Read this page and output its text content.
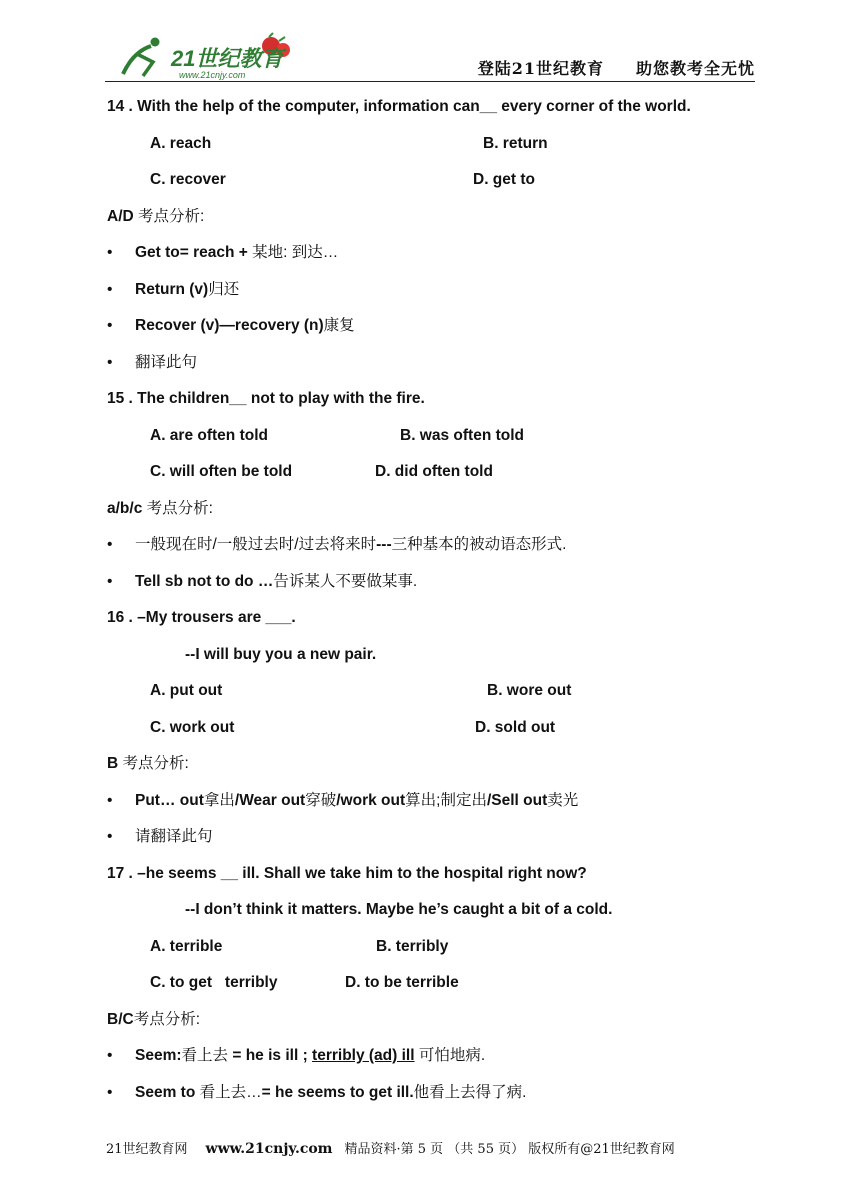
21世纪教育
www.21cnjy.com	登陆21世纪教育 助您教考全无忧
14 . With the help of the computer, information can__ every corner of the world.
A. reach	B. return
C. recover	D. get to
A/D 考点分析:
• Get to= reach + 某地: 到达…
• Return (v)归还
• Recover (v)—recovery (n)康复
• 翻译此句
15 . The children__ not to play with the fire.
A. are often told	B. was often told
C. will often be told	D. did often told
a/b/c 考点分析:
• 一般现在时/一般过去时/过去将来时---三种基本的被动语态形式.
• Tell sb not to do …告诉某人不要做某事.
16 . –My trousers are ___.
--I will buy you a new pair.
A. put out	B. wore out
C. work out	D. sold out
B 考点分析:
• Put… out拿出/Wear out穿破/work out算出;制定出/Sell out卖光
• 请翻译此句
17 . –he seems __ ill. Shall we take him to the hospital right now?
--I don’t think it matters. Maybe he’s caught a bit of a cold.
A. terrible	B. terribly
C. to get   terribly	D. to be terrible
B/C考点分析:
• Seem:看上去 = he is ill ; terribly (ad) ill 可怕地病.
• Seem to 看上去…= he seems to get ill.他看上去得了病.
21世纪教育网 www.21cnjy.com 精品资料·第 5 页 （共 55 页） 版权所有@21世纪教育网
